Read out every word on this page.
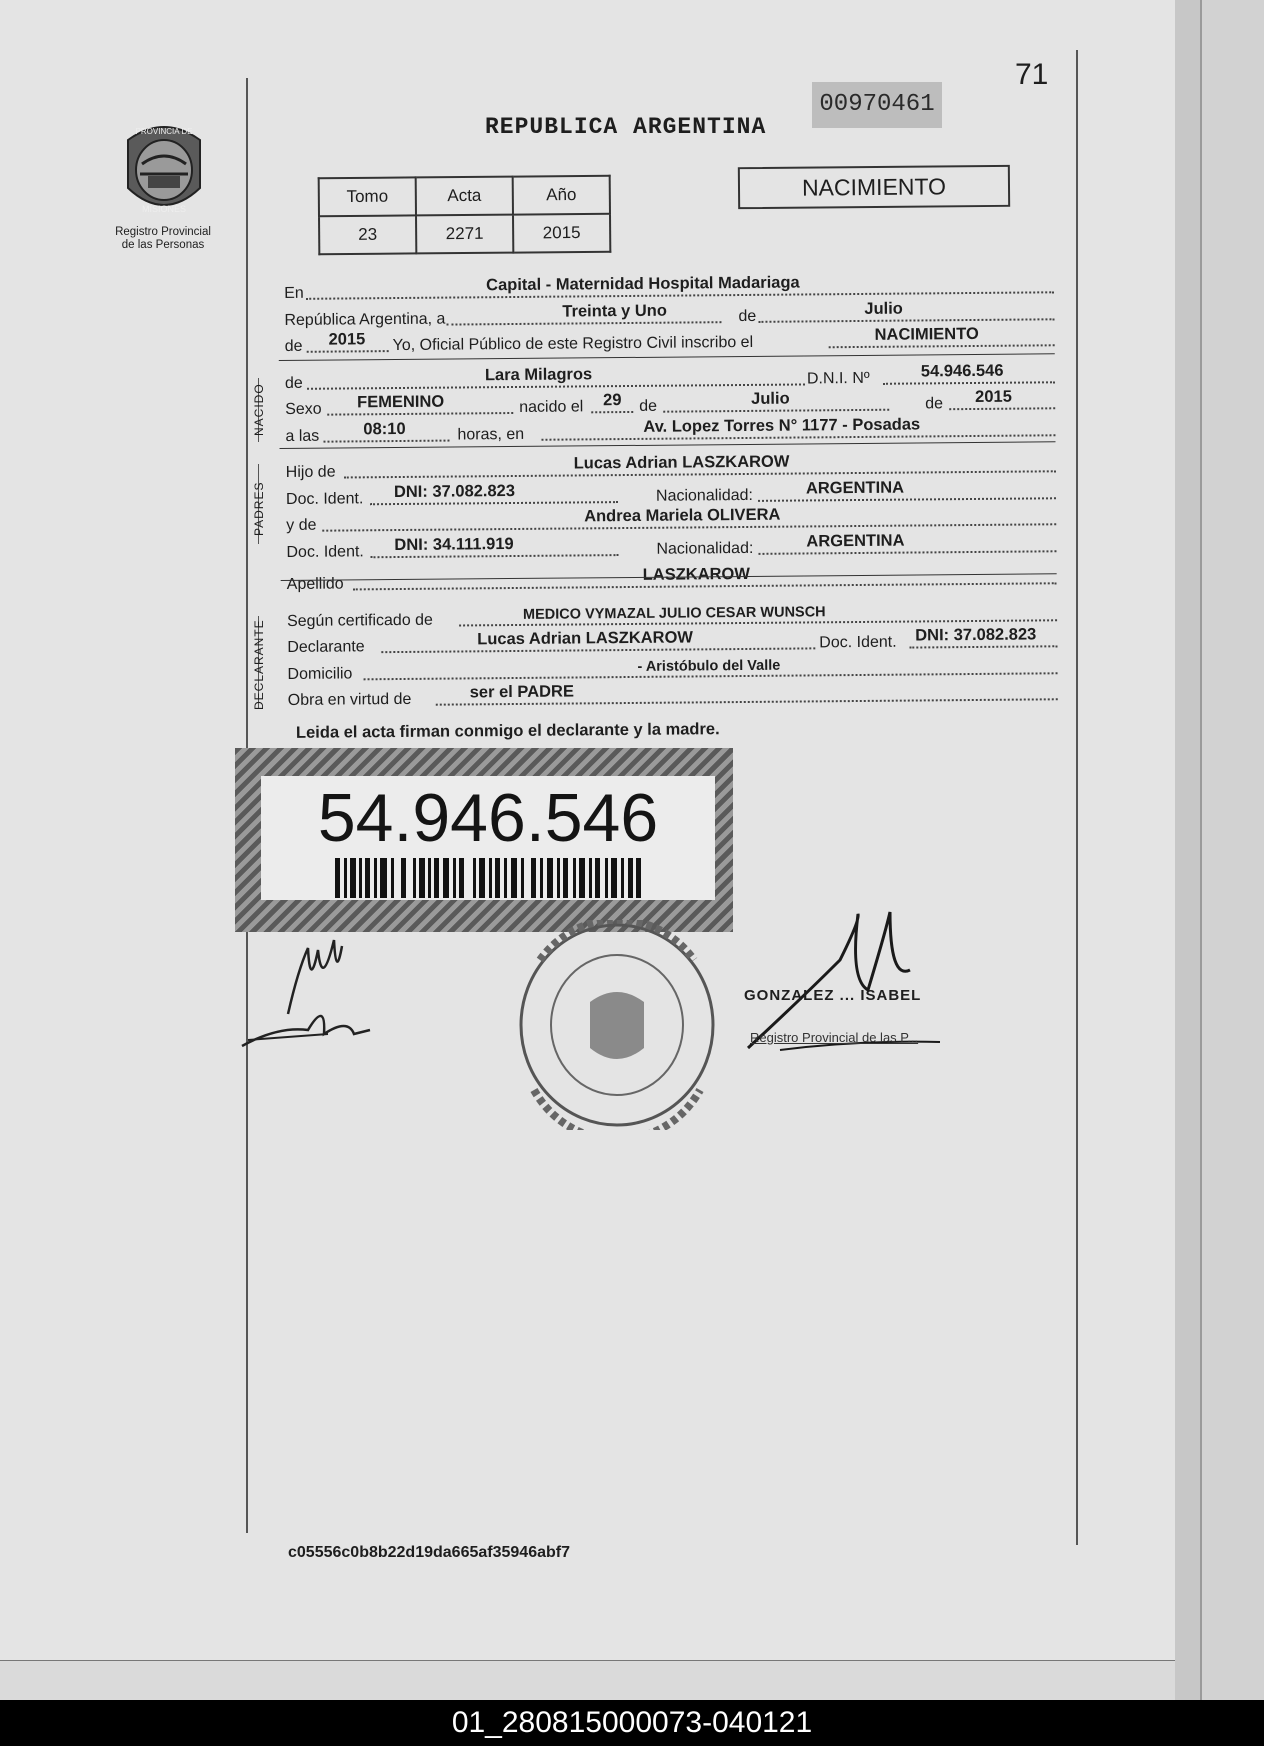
71
00970461
REPUBLICA ARGENTINA
PROVINCIA DE
MISIONES
Registro Provincial
de las Personas
Tomo	Acta	Año
23	2271	2015
NACIMIENTO
En	Capital - Maternidad Hospital Madariaga
República Argentina, a	Treinta y Uno	de	Julio
de 2015 Yo, Oficial Público de este Registro Civil inscribo el	NACIMIENTO
de	Lara Milagros	D.N.I. Nº	54.946.546
Sexo FEMENINO	nacido el 29 de	Julio	de 2015
a las	08:10	horas, en	Av. Lopez Torres N° 1177 - Posadas
Hijo de	Lucas Adrian LASZKAROW
Doc. Ident. DNI: 37.082.823	Nacionalidad:	ARGENTINA
y de	Andrea Mariela OLIVERA
Doc. Ident. DNI: 34.111.919	Nacionalidad:	ARGENTINA
Apellido
LASZKAROW
Según certificado de	MEDICO VYMAZAL JULIO CESAR WUNSCH
Declarante	Lucas Adrian LASZKAROW	Doc. Ident. DNI: 37.082.823
Domicilio	- Aristóbulo del Valle
Obra en virtud de	ser el PADRE
NACIDO
PADRES
DECLARANTE
Leida el acta firman conmigo el declarante y la madre.
54.946.546
GONZALEZ ... ISABEL
Registro Provincial de las P...
c05556c0b8b22d19da665af35946abf7
01_280815000073-040121
